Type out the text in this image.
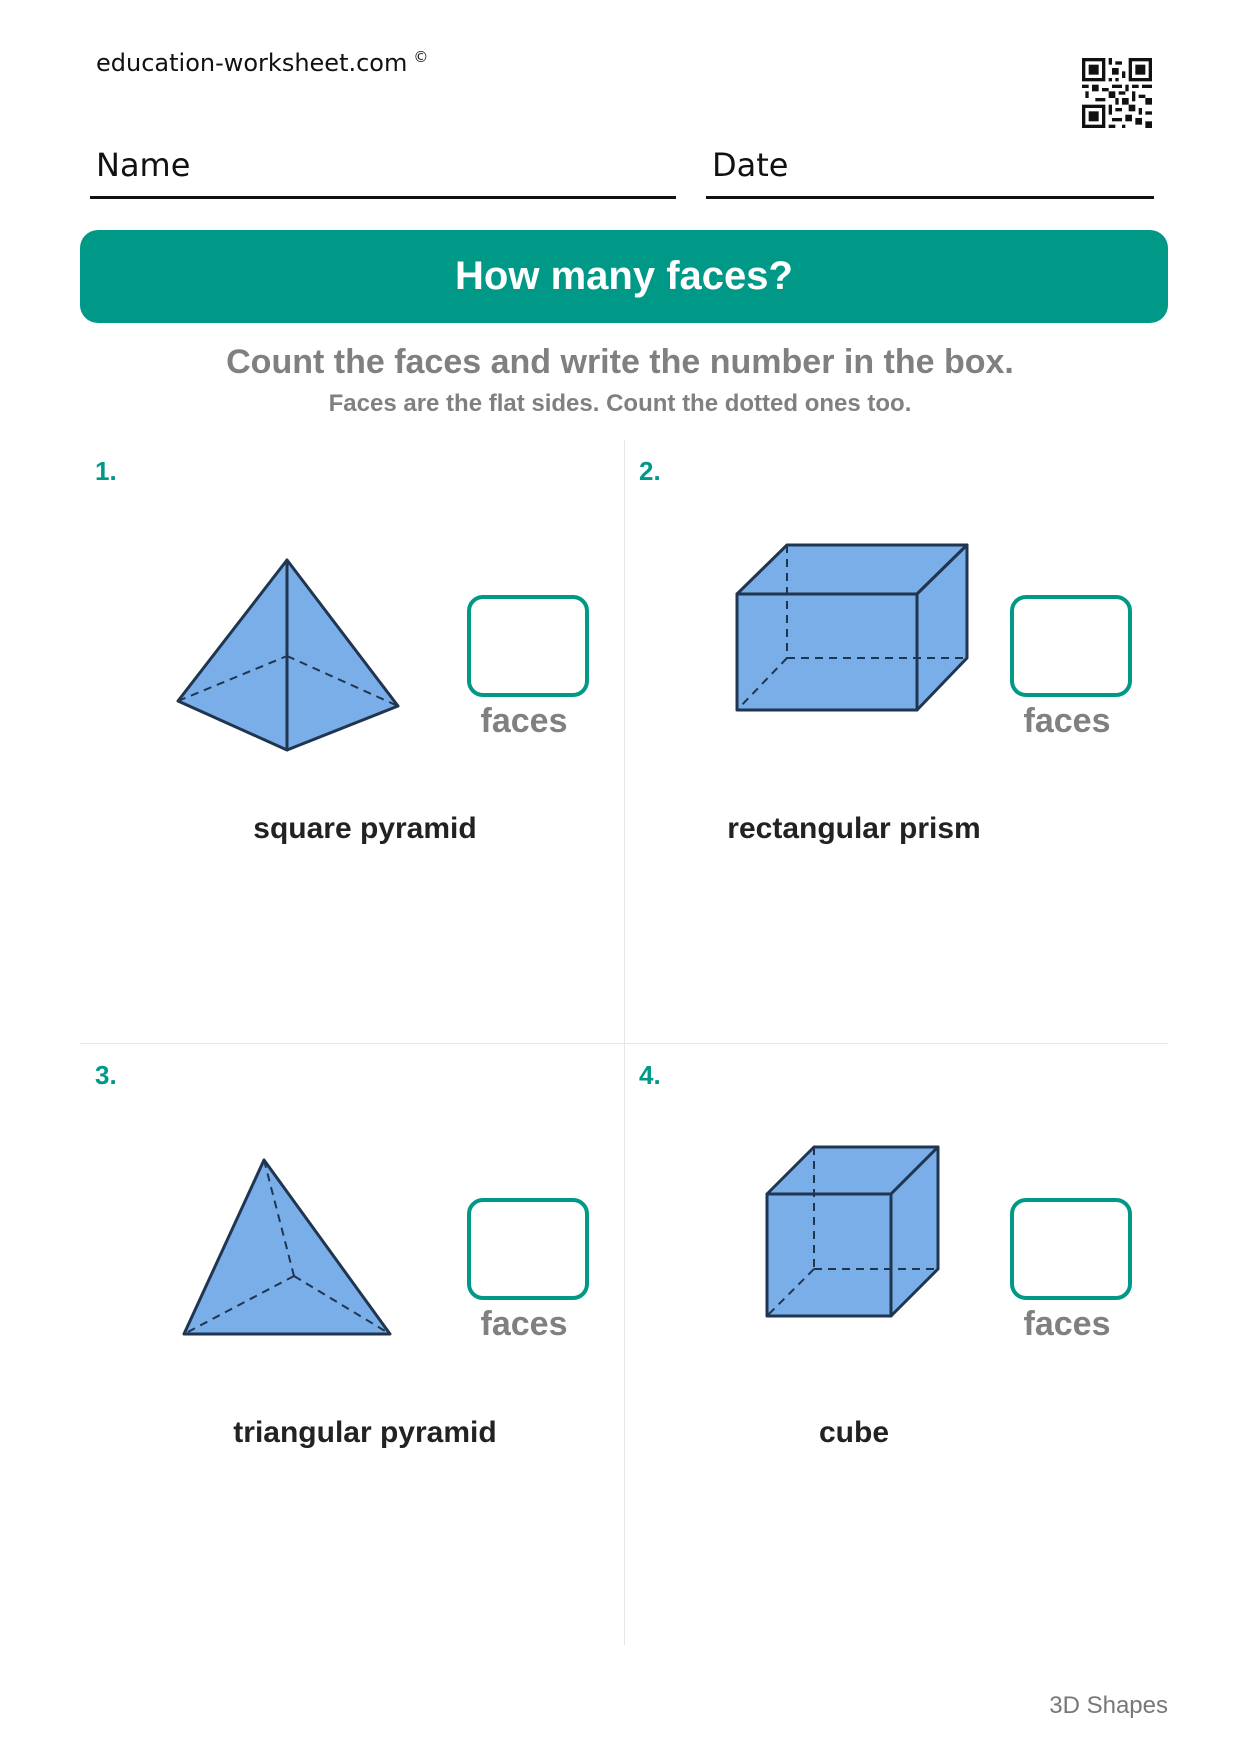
education-worksheet.com ©
Name	Date
How many faces?
Count the faces and write the number in the box.
Faces are the flat sides. Count the dotted ones too.
1.
faces
square pyramid
2.
faces
rectangular prism
3.
faces
triangular pyramid
4.
faces
cube
3D Shapes
